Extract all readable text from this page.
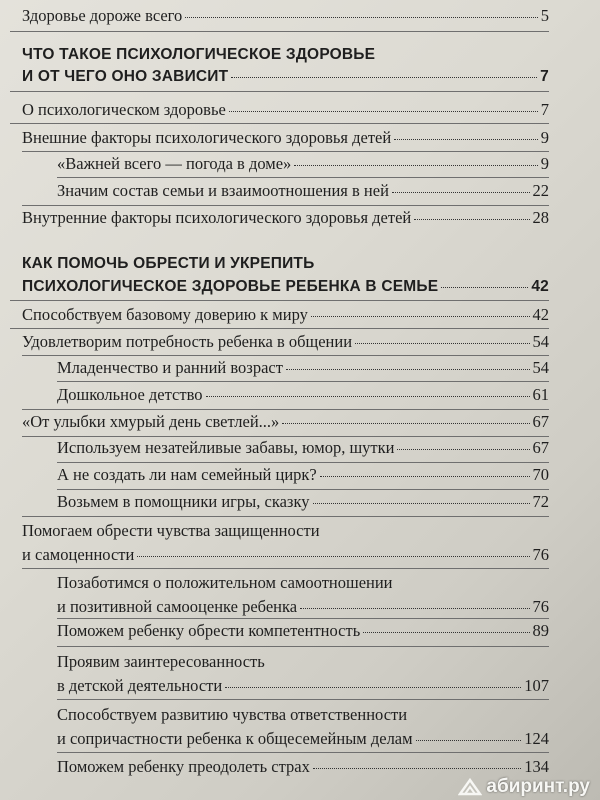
Здоровье дороже всего	5
ЧТО ТАКОЕ ПСИХОЛОГИЧЕСКОЕ ЗДОРОВЬЕ
И ОТ ЧЕГО ОНО ЗАВИСИТ	7
О психологическом здоровье	7
Внешние факторы психологического здоровья детей	9
«Важней всего — погода в доме»	9
Значим состав семьи и взаимоотношения в ней	22
Внутренние факторы психологического здоровья детей	28
КАК ПОМОЧЬ ОБРЕСТИ И УКРЕПИТЬ
ПСИХОЛОГИЧЕСКОЕ ЗДОРОВЬЕ РЕБЕНКА В СЕМЬЕ	42
Способствуем базовому доверию к миру	42
Удовлетворим потребность ребенка в общении	54
Младенчество и ранний возраст	54
Дошкольное детство	61
«От улыбки хмурый день светлей...»	67
Используем незатейливые забавы, юмор, шутки	67
А не создать ли нам семейный цирк?	70
Возьмем в помощники игры, сказку	72
Помогаем обрести чувства защищенности
и самоценности	76
Позаботимся о положительном самоотношении
и позитивной самооценке ребенка	76
Поможем ребенку обрести компетентность	89
Проявим заинтересованность
в детской деятельности	107
Способствуем развитию чувства ответственности
и сопричастности ребенка к общесемейным делам	124
Поможем ребенку преодолеть страх	134
абиринт.ру
